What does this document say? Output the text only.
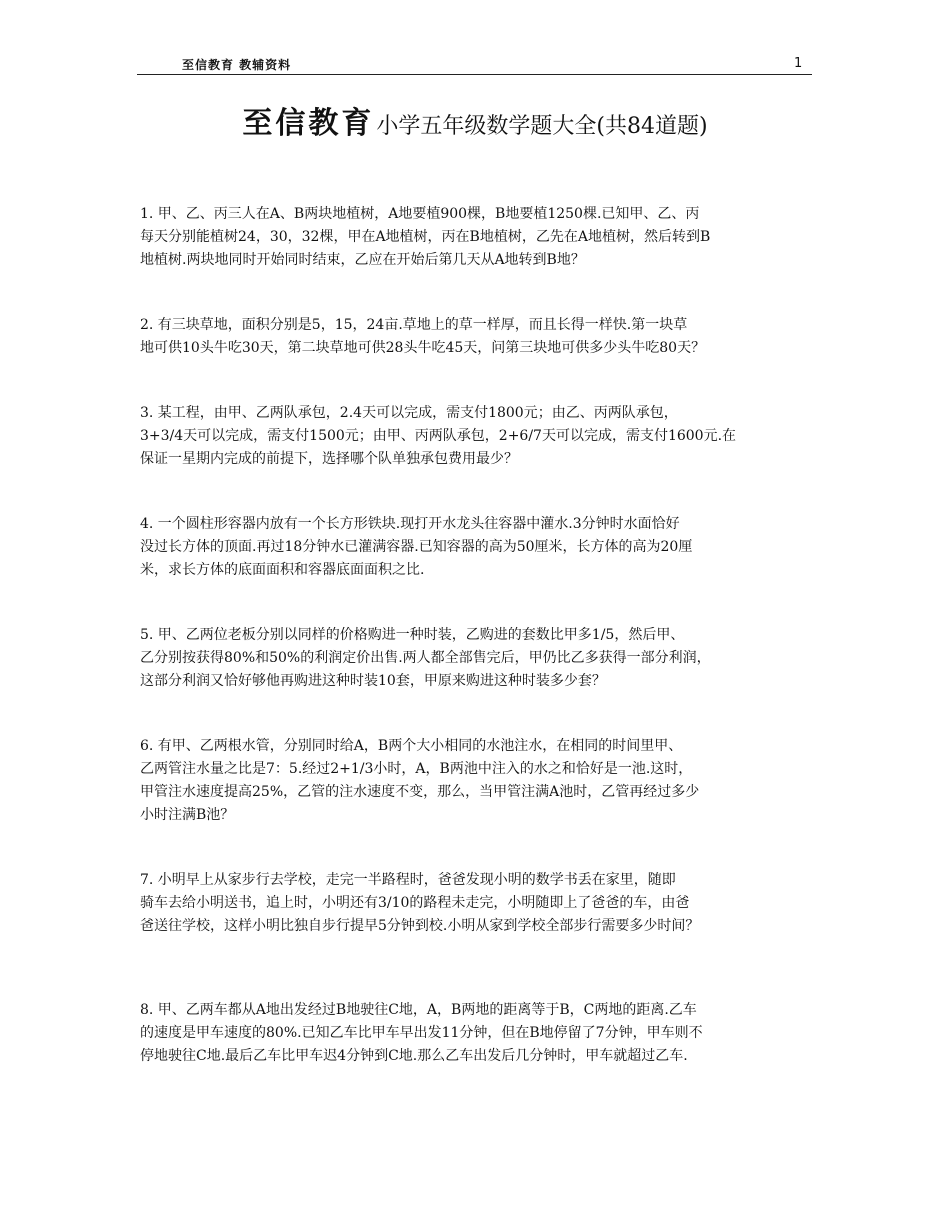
至信教育 教辅资料	1
至信教育小学五年级数学题大全(共84道题)
1. 甲、乙、丙三人在A、B两块地植树，A地要植900棵，B地要植1250棵.已知甲、乙、丙
每天分别能植树24，30，32棵，甲在A地植树，丙在B地植树，乙先在A地植树，然后转到B
地植树.两块地同时开始同时结束，乙应在开始后第几天从A地转到B地？
2. 有三块草地，面积分别是5，15，24亩.草地上的草一样厚，而且长得一样快.第一块草
地可供10头牛吃30天，第二块草地可供28头牛吃45天，问第三块地可供多少头牛吃80天？
3. 某工程，由甲、乙两队承包，2.4天可以完成，需支付1800元；由乙、丙两队承包，
3+3/4天可以完成，需支付1500元；由甲、丙两队承包，2+6/7天可以完成，需支付1600元.在
保证一星期内完成的前提下，选择哪个队单独承包费用最少？
4. 一个圆柱形容器内放有一个长方形铁块.现打开水龙头往容器中灌水.3分钟时水面恰好
没过长方体的顶面.再过18分钟水已灌满容器.已知容器的高为50厘米，长方体的高为20厘
米，求长方体的底面面积和容器底面面积之比.
5. 甲、乙两位老板分别以同样的价格购进一种时装，乙购进的套数比甲多1/5，然后甲、
乙分别按获得80%和50%的利润定价出售.两人都全部售完后，甲仍比乙多获得一部分利润，
这部分利润又恰好够他再购进这种时装10套，甲原来购进这种时装多少套？
6. 有甲、乙两根水管，分别同时给A，B两个大小相同的水池注水，在相同的时间里甲、
乙两管注水量之比是7：5.经过2+1/3小时，A，B两池中注入的水之和恰好是一池.这时，
甲管注水速度提高25%，乙管的注水速度不变，那么，当甲管注满A池时，乙管再经过多少
小时注满B池？
7. 小明早上从家步行去学校，走完一半路程时，爸爸发现小明的数学书丢在家里，随即
骑车去给小明送书，追上时，小明还有3/10的路程未走完，小明随即上了爸爸的车，由爸
爸送往学校，这样小明比独自步行提早5分钟到校.小明从家到学校全部步行需要多少时间？
8. 甲、乙两车都从A地出发经过B地驶往C地，A，B两地的距离等于B，C两地的距离.乙车
的速度是甲车速度的80%.已知乙车比甲车早出发11分钟，但在B地停留了7分钟，甲车则不
停地驶往C地.最后乙车比甲车迟4分钟到C地.那么乙车出发后几分钟时，甲车就超过乙车.
